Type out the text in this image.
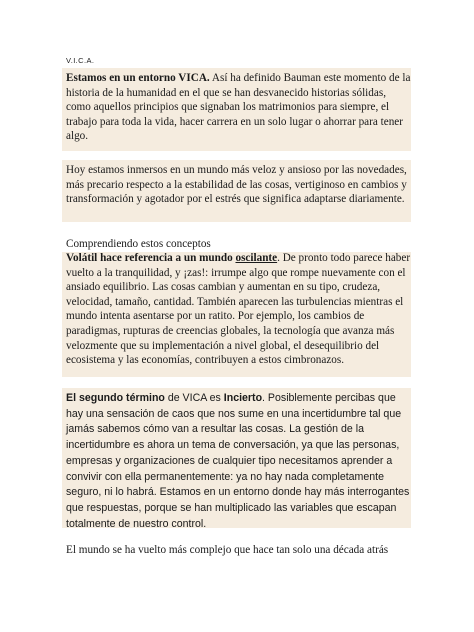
V.I.C.A.

Estamos en un entorno VICA. Así ha definido Bauman este momento de la historia de la humanidad en el que se han desvanecido historias sólidas, como aquellos principios que signaban los matrimonios para siempre, el trabajo para toda la vida, hacer carrera en un solo lugar o ahorrar para tener algo.

Hoy estamos inmersos en un mundo más veloz y ansioso por las novedades, más precario respecto a la estabilidad de las cosas, vertiginoso en cambios y transformación y agotador por el estrés que significa adaptarse diariamente.

Comprendiendo estos conceptos

Volátil hace referencia a un mundo oscilante. De pronto todo parece haber vuelto a la tranquilidad, y ¡zas!: irrumpe algo que rompe nuevamente con el ansiado equilibrio. Las cosas cambian y aumentan en su tipo, crudeza, velocidad, tamaño, cantidad. También aparecen las turbulencias mientras el mundo intenta asentarse por un ratito. Por ejemplo, los cambios de paradigmas, rupturas de creencias globales, la tecnología que avanza más velozmente que su implementación a nivel global, el desequilibrio del ecosistema y las economías, contribuyen a estos cimbronazos.

El segundo término de VICA es Incierto. Posiblemente percibas que hay una sensación de caos que nos sume en una incertidumbre tal que jamás sabemos cómo van a resultar las cosas. La gestión de la incertidumbre es ahora un tema de conversación, ya que las personas, empresas y organizaciones de cualquier tipo necesitamos aprender a convivir con ella permanentemente: ya no hay nada completamente seguro, ni lo habrá. Estamos en un entorno donde hay más interrogantes que respuestas, porque se han multiplicado las variables que escapan totalmente de nuestro control.

El mundo se ha vuelto más complejo que hace tan solo una década atrás
